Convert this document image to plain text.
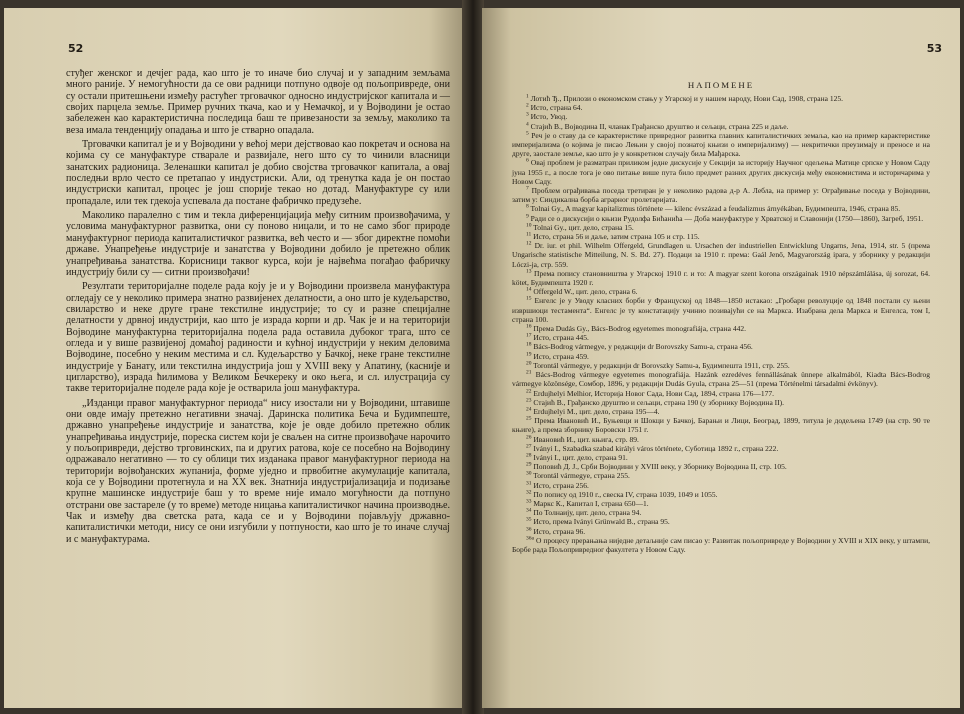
52

стуђег женског и дечјег рада, као што је то иначе био случај и у западним земљама много раније. У немогућности да се ови радници потпуно одвоје од пољопривреде, они су остали притешњени између растућег трговачког односно индустријског капитала и — својих парцела земље. Пример ручних ткача, као и у Немачкој, и у Војводини је остао забележен као карактеристична последица баш те привезаности за земљу, маколико та веза имала тенденцију опадања и што је стварно опадала.

Трговачки капитал је и у Војводини у већој мери дејствовао као покретач и основа на којима су се мануфактуре стварале и развијале, него што су то чинили власници занатских радионица. Зеленашки капитал је добио својства трговачког капитала, а овај последњи врло често се претапао у индустриски. Али, од тренутка када је он постао индустриски капитал, процес је још спорије текао но дотад. Мануфактуре су или пропадале, или тек гдекоја успевала да постане фабричко предузеће.

Маколико паралелно с тим и текла диференцијација међу ситним произвођачима, у условима мануфактурног развитка, они су поново ницали, и то не само због природе мануфактурног периода капиталистичког развитка, већ често и — због директне помоћи државе. Унапређење индустрије и занатства у Војводини добило је претежно облик унапређивања занатства. Корисници таквог курса, који је највећма погађао фабричку индустрију били су — ситни произвођачи!

Резултати територијалне поделе рада коју је и у Војводини произвела мануфактура огледају се у неколико примера знатно развијенех делатности, а оно што је кудељарство, свиларство и неке друге гране текстилне индустрије; то су и разне специјалне делатности у дрвној индустрији, као што је израда корпи и др. Чак је и на територији Војводине мануфактурна територијална подела рада оставила дубоког трага, што се огледа и у више развијеној домаћој радиности и кућној индустрији у неким деловима Војводине, посебно у неким местима и сл. Кудељарство у Бачкој, неке гране текстилне индустрије у Банату, или текстилна индустрија још у XVIII веку у Апатину, (касније и цигларство), израда ћилимова у Великом Бечкереку и око њега, и сл. илустрација су такве територијалне поделе рада које је остварила још мануфактура.

„Изданци правог мануфактурног периода“ нису изостали ни у Војводини, штавише они овде имају претежно негативни значај. Даринска политика Беча и Будимпеште, државно унапређење индустрије и занатства, које је овде добило претежно облик унапређивања индустрије, пореска систем који је сваљен на ситне произвођаче нарочито у пољопривреди, дејство трговинских, па и других ратова, које се посебно на Војводину одражавало негативно — то су облици тих изданака правог мануфактурног периода на територији војвођанских жупанија, форме уједно и првобитне акумулације капитала, која се у Војводини протегнула и на XX век. Знатнија индустријализација и подизање крупне машинске индустрије баш у то време није имало могућности да потпуно отстрани ове застареле (у то време) методе ницања капиталистичког начина производње. Чак и између два светска рата, када се и у Војводини појављују државно-капиталистички методи, нису се они изгубили у потпуности, као што је то иначе случај и с мануфактурама.

53
НАПОМЕНЕ

$^1$ Лотић Ђ., Прилози о економском стању у Угарској и у нашем народу, Нови Сад, 1908, страна 125.

$^2$ Исто, страна 64.

$^3$ Исто, Увод.

$^4$ Стајић В., Војводина II, чланак Грађанско друштво и сељаци, страна 225 и даље.

$^5$ Реч је о ставу да се карактеристике привредног развитка главних капиталистичких земаља, као на пример карактеристике империјализма (о којима је писао Лењин у својој познатој књизи о империјализму) — некритички преузимају и преносе и на друге, заостале земље, као што је у конкретном случају била Мађарска.

$^6$ Овај проблем је разматран приликом једне дискусије у Секцији за историју Научног одељења Матице српске у Новом Саду јуна 1955 г., а после тога је ово питање више пута било предмет разних других дискусија међу економистима и историчарима у Новом Саду.

$^7$ Проблем ограђивања поседа третиран је у неколико радова д-р А. Лебла, на пример у: Ограђивање поседа у Војводини, затим у: Синдикална борба аграрног пролетаријата.

$^8$ Tolnai Gy., A magyar kapitalizmus története — kilenc évszázad a feudalizmus árnyékában, Будимпешта, 1946, страна 85.

$^9$ Ради се о дискусији о књизи Рудолфа Бићанића — Доба мануфактуре у Хрватској и Славонији (1750—1860), Загреб, 1951.

$^{10}$ Tolnai Gy., цит. дело, страна 15.

$^{11}$ Исто, страна 56 и даље, затим страна 105 и стр. 115.

$^{12}$ Dr. iur. et phil. Wilhelm Offergeld, Grundlagen u. Ursachen der industriellen Entwicklung Ungarns, Jena, 1914, str. 5 (према Ungarische statistische Mitteilung, N. S. Bd. 27). Подаци за 1910 г. према: Gaál Jenő, Magyarország ipara, у зборнику у редакцији Lóczi-ja, стр. 559.

$^{13}$ Према попису становништва у Угарској 1910 г. и то: A magyar szent korona országainak 1910 népszámlálása, új sorozat, 64. kötet, Будимпешта 1920 г.

$^{14}$ Offergeld W., цит. дело, страна 6.

$^{15}$ Енгелс је у Уводу класних борби у Француској од 1848—1850 истакао: „Гробари револуције од 1848 постали су њени извршиоци тестамента“. Енгелс је ту констатацију учинио позивајући се на Маркса. Изабрана дела Маркса и Енгелса, том I, страна 100.

$^{16}$ Према Dudás Gy., Bács-Bodrog egyetemes monografiája, страна 442.

$^{17}$ Исто, страна 445.

$^{18}$ Bács-Bodrog vármegye, у редакцији dr Borovszky Samu-a, страна 456.

$^{19}$ Исто, страна 459.

$^{20}$ Torontál vármegye, у редакцији dr Borovszky Samu-a, Будимпешта 1911, стр. 255.

$^{21}$ Bács-Bodrog vármegye egyetemes monografiája. Hazánk ezredéves fennállásának ünnepe alkalmából, Kiadta Bács-Bodrog vármegye közönsége, Сомбор, 1896, у редакцији Dudás Gyula, страна 25—51 (према Történelmi társadalmi évkönyv).

$^{22}$ Erdujhelyi Melhior, Историја Новог Сада, Нови Сад, 1894, страна 176—177.

$^{23}$ Стајић В., Грађанско друштво и сељаци, страна 190 (у зборнику Војводина II).

$^{24}$ Erdujhelyi M., цит. дело, страна 195—4.

$^{25}$ Према Ивановић И., Буњевци и Шокци у Бачкој, Барањи и Лици, Београд, 1899, титула је додељена 1749 (на стр. 90 те књиге), а према зборнику Боровски 1751 г.

$^{26}$ Ивановић И., цит. књига, стр. 89.

$^{27}$ Iványi I., Szabadka szabad királyi város története, Суботица 1892 г., страна 222.

$^{28}$ Iványi I., цит. дело, страна 91.

$^{29}$ Поповић Д. Ј., Срби Војводини у XVIII веку, у Зборнику Војводина II, стр. 105.

$^{30}$ Torontál vármegye, страна 255.

$^{31}$ Исто, страна 256.

$^{32}$ По попису од 1910 г., свеска IV, страна 1039, 1049 и 1055.

$^{33}$ Маркс К., Капитал I, страна 650—1.

$^{34}$ По Толнаију, цит. дело, страна 94.

$^{35}$ Исто, према Iványi Grünwald B., страна 95.

$^{36}$ Исто, страна 96.

$^{36a}$ О процесу прерањања ниједне детаљније сам писао у: Развитак пољопривреде у Војводини у XVIII и XIX веку, у штампи, Борбе рада Пољопривредног факултета у Новом Саду.
